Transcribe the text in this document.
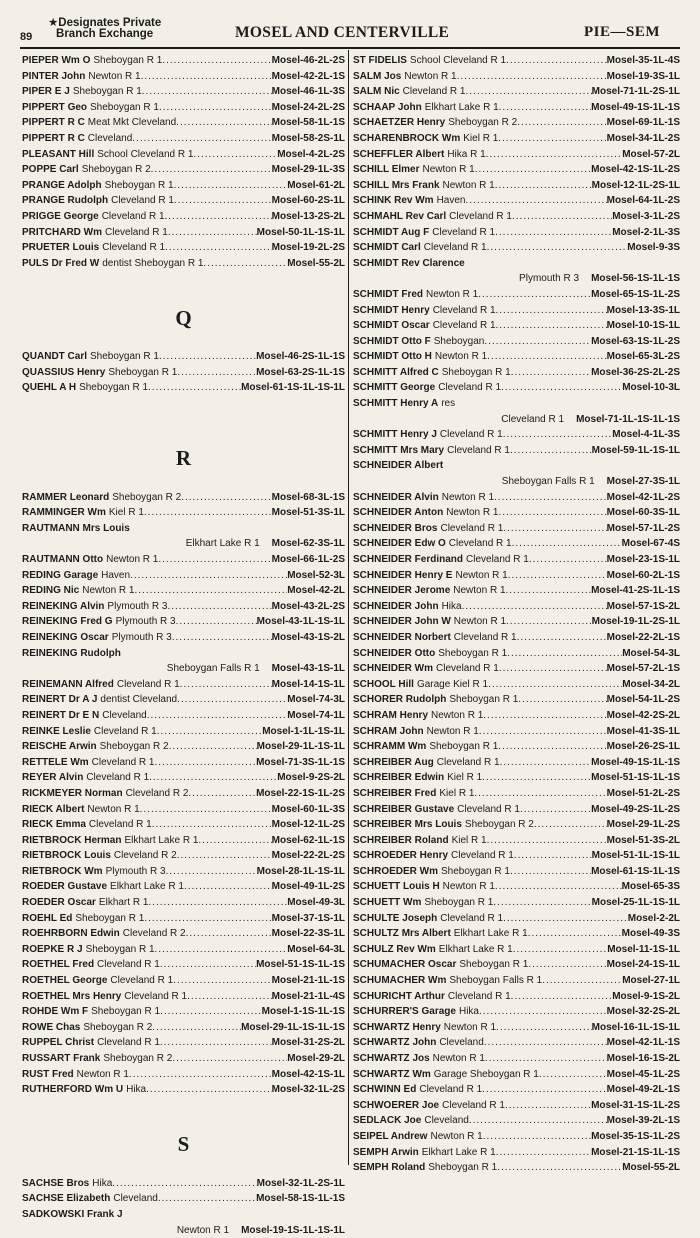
89
★Designates Private
Branch Exchange	MOSEL AND CENTERVILLE	PIE—SEM
PIEPER Wm O Sheboygan R 1 .....	Mosel-46-2L-2S
PINTER John Newton R 1 .....	Mosel-42-2L-1S
PIPER E J Sheboygan R 1 .....	Mosel-46-1L-3S
PIPPERT Geo Sheboygan R 1 .....	Mosel-24-2L-2S
PIPPERT R C Meat Mkt Cleveland .....	Mosel-58-1L-1S
PIPPERT R C Cleveland .....	Mosel-58-2S-1L
PLEASANT Hill School Cleveland R 1 .....	Mosel-4-2L-2S
POPPE Carl Sheboygan R 2 .....	Mosel-29-1L-3S
PRANGE Adolph Sheboygan R 1 .....	Mosel-61-2L
PRANGE Rudolph Cleveland R 1 .....	Mosel-60-2S-1L
PRIGGE George Cleveland R 1 .....	Mosel-13-2S-2L
PRITCHARD Wm Cleveland R 1 .....	Mosel-50-1L-1S-1L
PRUETER Louis Cleveland R 1 .....	Mosel-19-2L-2S
PULS Dr Fred W dentist Sheboygan R 1 .....	Mosel-55-2L
Q
QUANDT Carl Sheboygan R 1 .....	Mosel-46-2S-1L-1S
QUASSIUS Henry Sheboygan R 1 .....	Mosel-63-2S-1L-1S
QUEHL A H Sheboygan R 1 .....	Mosel-61-1S-1L-1S-1L
R
RAMMER Leonard Sheboygan R 2 .....	Mosel-68-3L-1S
RAMMINGER Wm Kiel R 1 .....	Mosel-51-3S-1L
RAUTMANN Mrs Louis
Elkhart Lake R 1 Mosel-62-3S-1L
RAUTMANN Otto Newton R 1 .....	Mosel-66-1L-2S
REDING Garage Haven .....	Mosel-52-3L
REDING Nic Newton R 1 .....	Mosel-42-2L
REINEKING Alvin Plymouth R 3 .....	Mosel-43-2L-2S
REINEKING Fred G Plymouth R 3 .....	Mosel-43-1L-1S-1L
REINEKING Oscar Plymouth R 3 .....	Mosel-43-1S-2L
REINEKING Rudolph
Sheboygan Falls R 1 Mosel-43-1S-1L
REINEMANN Alfred Cleveland R 1 .....	Mosel-14-1S-1L
REINERT Dr A J dentist Cleveland .....	Mosel-74-3L
REINERT Dr E N Cleveland .....	Mosel-74-1L
REINKE Leslie Cleveland R 1 .....	Mosel-1-1L-1S-1L
REISCHE Arwin Sheboygan R 2 .....	Mosel-29-1L-1S-1L
RETTELE Wm Cleveland R 1 .....	Mosel-71-3S-1L-1S
REYER Alvin Cleveland R 1 .....	Mosel-9-2S-2L
RICKMEYER Norman Cleveland R 2 .....	Mosel-22-1S-1L-2S
RIECK Albert Newton R 1 .....	Mosel-60-1L-3S
RIECK Emma Cleveland R 1 .....	Mosel-12-1L-2S
RIETBROCK Herman Elkhart Lake R 1 .....	Mosel-62-1L-1S
RIETBROCK Louis Cleveland R 2 .....	Mosel-22-2L-2S
RIETBROCK Wm Plymouth R 3 .....	Mosel-28-1L-1S-1L
ROEDER Gustave Elkhart Lake R 1 .....	Mosel-49-1L-2S
ROEDER Oscar Elkhart R 1 .....	Mosel-49-3L
ROEHL Ed Sheboygan R 1 .....	Mosel-37-1S-1L
ROEHRBORN Edwin Cleveland R 2 .....	Mosel-22-3S-1L
ROEPKE R J Sheboygan R 1 .....	Mosel-64-3L
ROETHEL Fred Cleveland R 1 .....	Mosel-51-1S-1L-1S
ROETHEL George Cleveland R 1 .....	Mosel-21-1L-1S
ROETHEL Mrs Henry Cleveland R 1 .....	Mosel-21-1L-4S
ROHDE Wm F Sheboygan R 1 .....	Mosel-1-1S-1L-1S
ROWE Chas Sheboygan R 2 .....	Mosel-29-1L-1S-1L-1S
RUPPEL Christ Cleveland R 1 .....	Mosel-31-2S-2L
RUSSART Frank Sheboygan R 2 .....	Mosel-29-2L
RUST Fred Newton R 1 .....	Mosel-42-1S-1L
RUTHERFORD Wm U Hika .....	Mosel-32-1L-2S
S
SACHSE Bros Hika .....	Mosel-32-1L-2S-1L
SACHSE Elizabeth Cleveland .....	Mosel-58-1S-1L-1S
SADKOWSKI Frank J
Newton R 1 Mosel-19-1S-1L-1S-1L
ST FIDELIS School Cleveland R 1 .....	Mosel-35-1L-4S
SALM Jos Newton R 1 .....	Mosel-19-3S-1L
SALM Nic Cleveland R 1 .....	Mosel-71-1L-2S-1L
SCHAAP John Elkhart Lake R 1 .....	Mosel-49-1S-1L-1S
SCHAETZER Henry Sheboygan R 2 .....	Mosel-69-1L-1S
SCHARENBROCK Wm Kiel R 1 .....	Mosel-34-1L-2S
SCHEFFLER Albert Hika R 1 .....	Mosel-57-2L
SCHILL Elmer Newton R 1 .....	Mosel-42-1S-1L-2S
SCHILL Mrs Frank Newton R 1 .....	Mosel-12-1L-2S-1L
SCHINK Rev Wm Haven .....	Mosel-64-1L-2S
SCHMAHL Rev Carl Cleveland R 1 .....	Mosel-3-1L-2S
SCHMIDT Aug F Cleveland R 1 .....	Mosel-2-1L-3S
SCHMIDT Carl Cleveland R 1 .....	Mosel-9-3S
SCHMIDT Rev Clarence
Plymouth R 3 Mosel-56-1S-1L-1S
SCHMIDT Fred Newton R 1 .....	Mosel-65-1S-1L-2S
SCHMIDT Henry Cleveland R 1 .....	Mosel-13-3S-1L
SCHMIDT Oscar Cleveland R 1 .....	Mosel-10-1S-1L
SCHMIDT Otto F Sheboygan .....	Mosel-63-1S-1L-2S
SCHMIDT Otto H Newton R 1 .....	Mosel-65-3L-2S
SCHMITT Alfred C Sheboygan R 1 .....	Mosel-36-2S-2L-2S
SCHMITT George Cleveland R 1 .....	Mosel-10-3L
SCHMITT Henry A res
Cleveland R 1 Mosel-71-1L-1S-1L-1S
SCHMITT Henry J Cleveland R 1 .....	Mosel-4-1L-3S
SCHMITT Mrs Mary Cleveland R 1 .....	Mosel-59-1L-1S-1L
SCHNEIDER Albert
Sheboygan Falls R 1 Mosel-27-3S-1L
SCHNEIDER Alvin Newton R 1 .....	Mosel-42-1L-2S
SCHNEIDER Anton Newton R 1 .....	Mosel-60-3S-1L
SCHNEIDER Bros Cleveland R 1 .....	Mosel-57-1L-2S
SCHNEIDER Edw O Cleveland R 1 .....	Mosel-67-4S
SCHNEIDER Ferdinand Cleveland R 1 .....	Mosel-23-1S-1L
SCHNEIDER Henry E Newton R 1 .....	Mosel-60-2L-1S
SCHNEIDER Jerome Newton R 1 .....	Mosel-41-2S-1L-1S
SCHNEIDER John Hika .....	Mosel-57-1S-2L
SCHNEIDER John W Newton R 1 .....	Mosel-19-1L-2S-1L
SCHNEIDER Norbert Cleveland R 1 .....	Mosel-22-2L-1S
SCHNEIDER Otto Sheboygan R 1 .....	Mosel-54-3L
SCHNEIDER Wm Cleveland R 1 .....	Mosel-57-2L-1S
SCHOOL Hill Garage Kiel R 1 .....	Mosel-34-2L
SCHORER Rudolph Sheboygan R 1 .....	Mosel-54-1L-2S
SCHRAM Henry Newton R 1 .....	Mosel-42-2S-2L
SCHRAM John Newton R 1 .....	Mosel-41-3S-1L
SCHRAMM Wm Sheboygan R 1 .....	Mosel-26-2S-1L
SCHREIBER Aug Cleveland R 1 .....	Mosel-49-1S-1L-1S
SCHREIBER Edwin Kiel R 1 .....	Mosel-51-1S-1L-1S
SCHREIBER Fred Kiel R 1 .....	Mosel-51-2L-2S
SCHREIBER Gustave Cleveland R 1 .....	Mosel-49-2S-1L-2S
SCHREIBER Mrs Louis Sheboygan R 2 .....	Mosel-29-1L-2S
SCHREIBER Roland Kiel R 1 .....	Mosel-51-3S-2L
SCHROEDER Henry Cleveland R 1 .....	Mosel-51-1L-1S-1L
SCHROEDER Wm Sheboygan R 1 .....	Mosel-61-1S-1L-1S
SCHUETT Louis H Newton R 1 .....	Mosel-65-3S
SCHUETT Wm Sheboygan R 1 .....	Mosel-25-1L-1S-1L
SCHULTE Joseph Cleveland R 1 .....	Mosel-2-2L
SCHULTZ Mrs Albert Elkhart Lake R 1 .....	Mosel-49-3S
SCHULZ Rev Wm Elkhart Lake R 1 .....	Mosel-11-1S-1L
SCHUMACHER Oscar Sheboygan R 1 .....	Mosel-24-1S-1L
SCHUMACHER Wm Sheboygan Falls R 1 .....	Mosel-27-1L
SCHURICHT Arthur Cleveland R 1 .....	Mosel-9-1S-2L
SCHURRER'S Garage Hika .....	Mosel-32-2S-2L
SCHWARTZ Henry Newton R 1 .....	Mosel-16-1L-1S-1L
SCHWARTZ John Cleveland .....	Mosel-42-1L-1S
SCHWARTZ Jos Newton R 1 .....	Mosel-16-1S-2L
SCHWARTZ Wm Garage Sheboygan R 1 .....	Mosel-45-1L-2S
SCHWINN Ed Cleveland R 1 .....	Mosel-49-2L-1S
SCHWOERER Joe Cleveland R 1 .....	Mosel-31-1S-1L-2S
SEDLACK Joe Cleveland .....	Mosel-39-2L-1S
SEIPEL Andrew Newton R 1 .....	Mosel-35-1S-1L-2S
SEMPH Arwin Elkhart Lake R 1 .....	Mosel-21-1S-1L-1S
SEMPH Roland Sheboygan R 1 .....	Mosel-55-2L
